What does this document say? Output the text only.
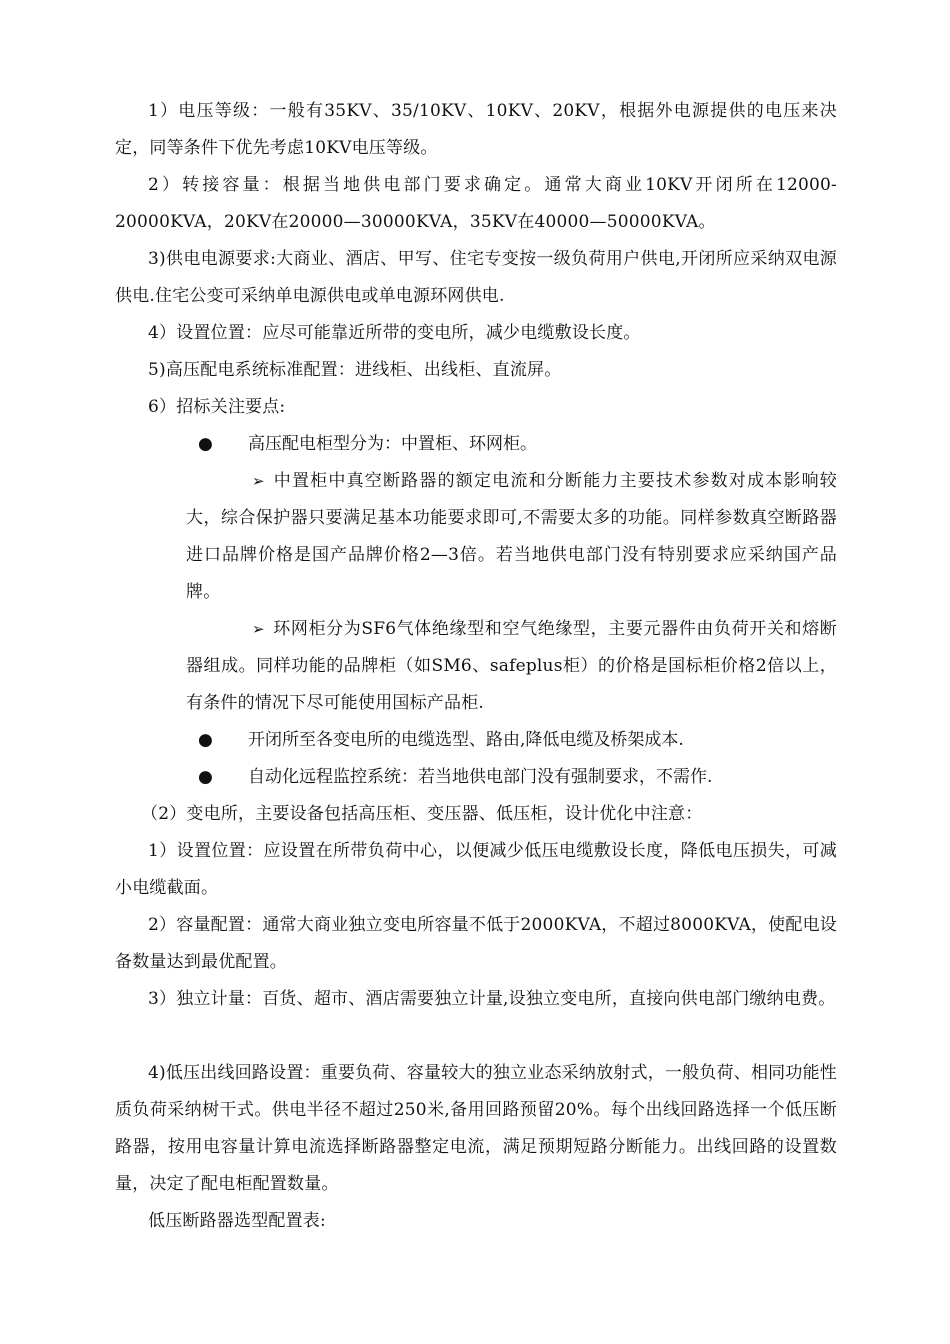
1）电压等级：一般有35KV、35/10KV、10KV、20KV，根据外电源提供的电压来决定，同等条件下优先考虑10KV电压等级。

2）转接容量：根据当地供电部门要求确定。通常大商业10KV开闭所在12000-20000KVA，20KV在20000—30000KVA，35KV在40000—50000KVA。

3)供电电源要求:大商业、酒店、甲写、住宅专变按一级负荷用户供电,开闭所应采纳双电源供电.住宅公变可采纳单电源供电或单电源环网供电.

4）设置位置：应尽可能靠近所带的变电所，减少电缆敷设长度。

5)高压配电系统标准配置：进线柜、出线柜、直流屏。

6）招标关注要点:

●	高压配电柜型分为：中置柜、环网柜。

➢ 中置柜中真空断路器的额定电流和分断能力主要技术参数对成本影响较大，综合保护器只要满足基本功能要求即可,不需要太多的功能。同样参数真空断路器进口品牌价格是国产品牌价格2—3倍。若当地供电部门没有特别要求应采纳国产品牌。

➢ 环网柜分为SF6气体绝缘型和空气绝缘型，主要元器件由负荷开关和熔断器组成。同样功能的品牌柜（如SM6、safeplus柜）的价格是国标柜价格2倍以上，有条件的情况下尽可能使用国标产品柜.

●	开闭所至各变电所的电缆选型、路由,降低电缆及桥架成本.
●	自动化远程监控系统：若当地供电部门没有强制要求，不需作.

（2）变电所，主要设备包括高压柜、变压器、低压柜，设计优化中注意：

1）设置位置：应设置在所带负荷中心，以便减少低压电缆敷设长度，降低电压损失，可减小电缆截面。

2）容量配置：通常大商业独立变电所容量不低于2000KVA，不超过8000KVA，使配电设备数量达到最优配置。

3）独立计量：百货、超市、酒店需要独立计量,设独立变电所，直接向供电部门缴纳电费。

4)低压出线回路设置：重要负荷、容量较大的独立业态采纳放射式，一般负荷、相同功能性质负荷采纳树干式。供电半径不超过250米,备用回路预留20%。每个出线回路选择一个低压断路器，按用电容量计算电流选择断路器整定电流，满足预期短路分断能力。出线回路的设置数量，决定了配电柜配置数量。

低压断路器选型配置表:
